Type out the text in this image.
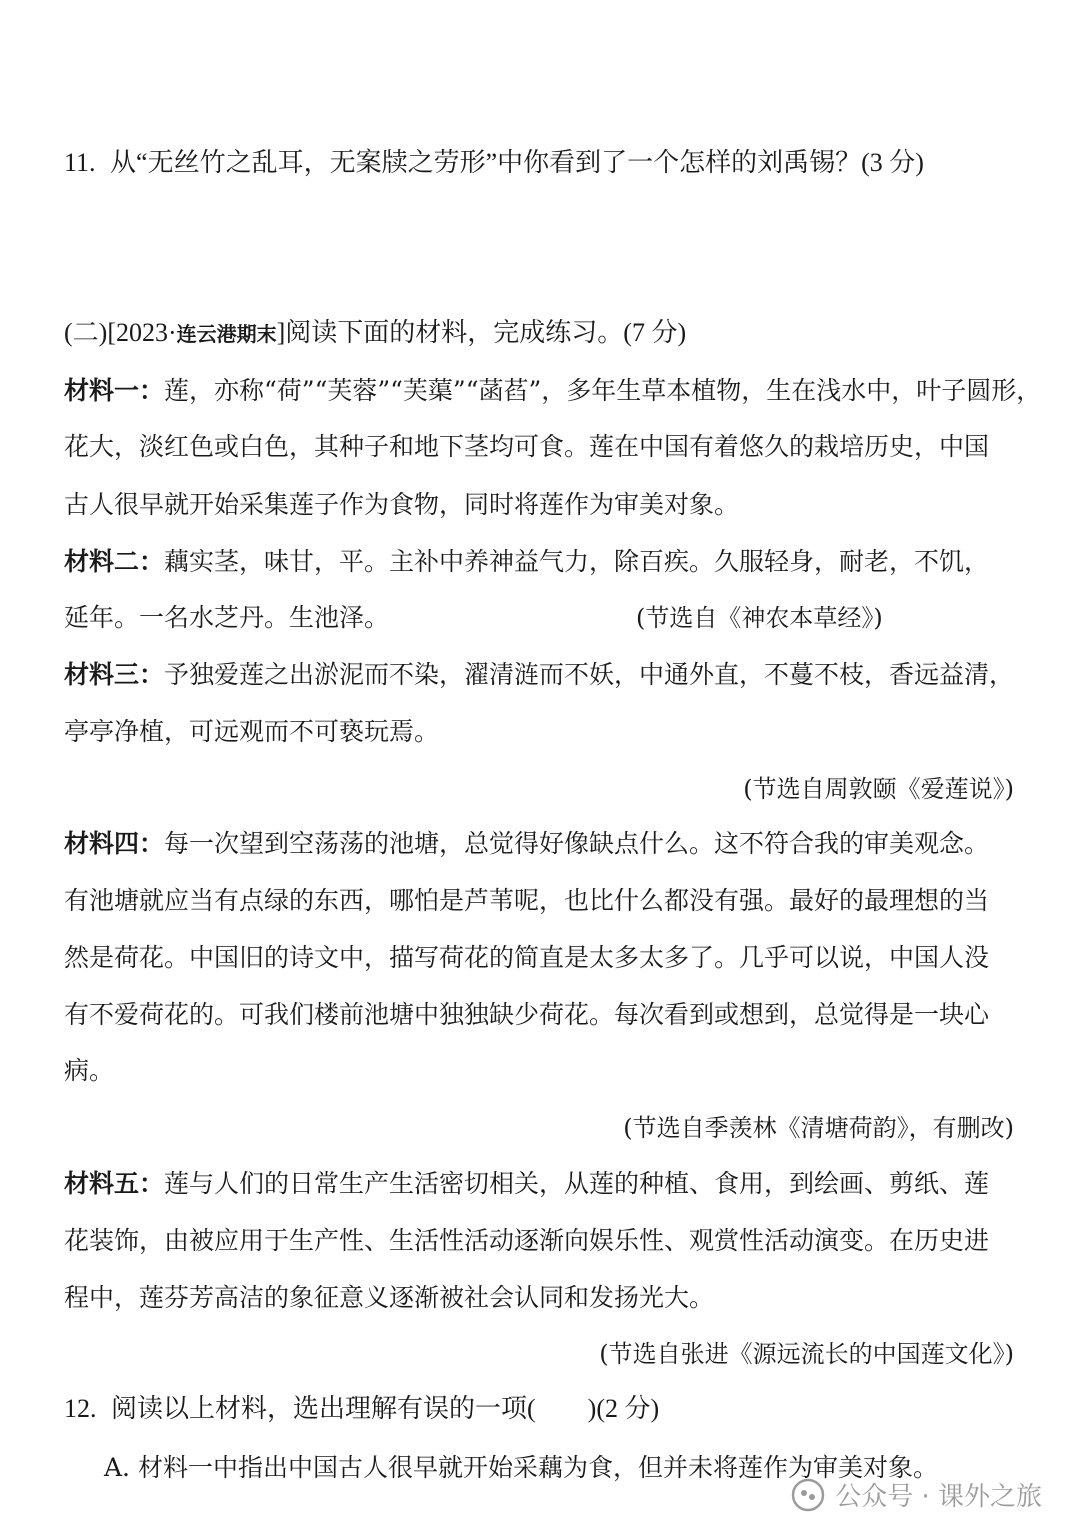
11. 从“无丝竹之乱耳，无案牍之劳形”中你看到了一个怎样的刘禹锡？(3 分)
(二)[2023·连云港期末]阅读下面的材料，完成练习。(7 分)
材料一：莲，亦称“荷”“芙蓉”“芙蕖”“菡萏”，多年生草本植物，生在浅水中，叶子圆形，
花大，淡红色或白色，其种子和地下茎均可食。莲在中国有着悠久的栽培历史，中国
古人很早就开始采集莲子作为食物，同时将莲作为审美对象。
材料二：藕实茎，味甘，平。主补中养神益气力，除百疾。久服轻身，耐老，不饥，
延年。一名水芝丹。生池泽。	(节选自《神农本草经》)
材料三：予独爱莲之出淤泥而不染，濯清涟而不妖，中通外直，不蔓不枝，香远益清，
亭亭净植，可远观而不可亵玩焉。
(节选自周敦颐《爱莲说》)
材料四：每一次望到空荡荡的池塘，总觉得好像缺点什么。这不符合我的审美观念。
有池塘就应当有点绿的东西，哪怕是芦苇呢，也比什么都没有强。最好的最理想的当
然是荷花。中国旧的诗文中，描写荷花的简直是太多太多了。几乎可以说，中国人没
有不爱荷花的。可我们楼前池塘中独独缺少荷花。每次看到或想到，总觉得是一块心
病。
(节选自季羡林《清塘荷韵》，有删改)
材料五：莲与人们的日常生产生活密切相关，从莲的种植、食用，到绘画、剪纸、莲
花装饰，由被应用于生产性、生活性活动逐渐向娱乐性、观赏性活动演变。在历史进
程中，莲芬芳高洁的象征意义逐渐被社会认同和发扬光大。
(节选自张进《源远流长的中国莲文化》)
12. 阅读以上材料，选出理解有误的一项(　　)(2 分)
A. 材料一中指出中国古人很早就开始采藕为食，但并未将莲作为审美对象。
公众号 · 课外之旅
